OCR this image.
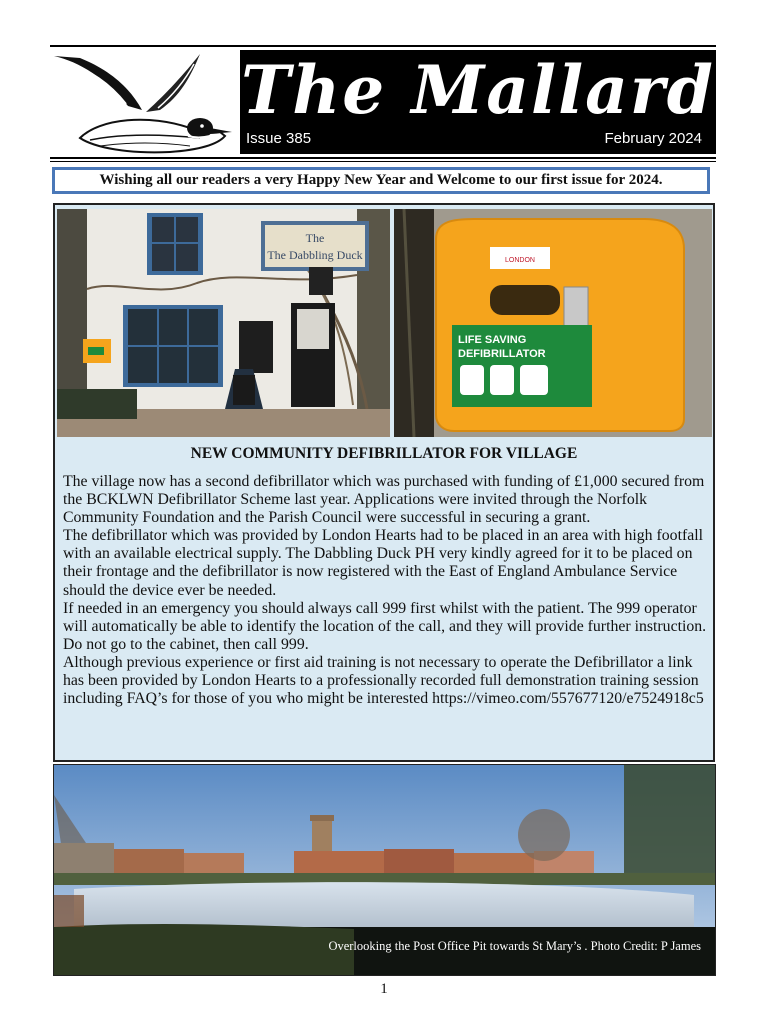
The Mallard
Issue 385	February 2024
Wishing all our readers a very Happy New Year and Welcome to our first issue for 2024.
The
The Dabbling Duck	LONDON
LIFE SAVING
DEFIBRILLATOR
NEW COMMUNITY DEFIBRILLATOR FOR VILLAGE

The village now has a second defibrillator which was purchased with funding of £1,000 secured from the BCKLWN Defibrillator Scheme last year. Applications were invited through the Norfolk Community Foundation and the Parish Council were successful in securing a grant.

The defibrillator which was provided by London Hearts had to be placed in an area with high footfall with an available electrical supply. The Dabbling Duck PH very kindly agreed for it to be placed on their frontage and the defibrillator is now registered with the East of England Ambulance Service should the device ever be needed.

If needed in an emergency you should always call 999 first whilst with the patient. The 999 operator will automatically be able to identify the location of the call, and they will provide further instruction. Do not go to the cabinet, then call 999.

Although previous experience or first aid training is not necessary to operate the Defibrillator a link has been provided by London Hearts to a professionally recorded full demonstration training session including FAQ’s for those of you who might be interested https://vimeo.com/557677120/e7524918c5

Overlooking the Post Office Pit towards St Mary’s . Photo Credit: P James
1
